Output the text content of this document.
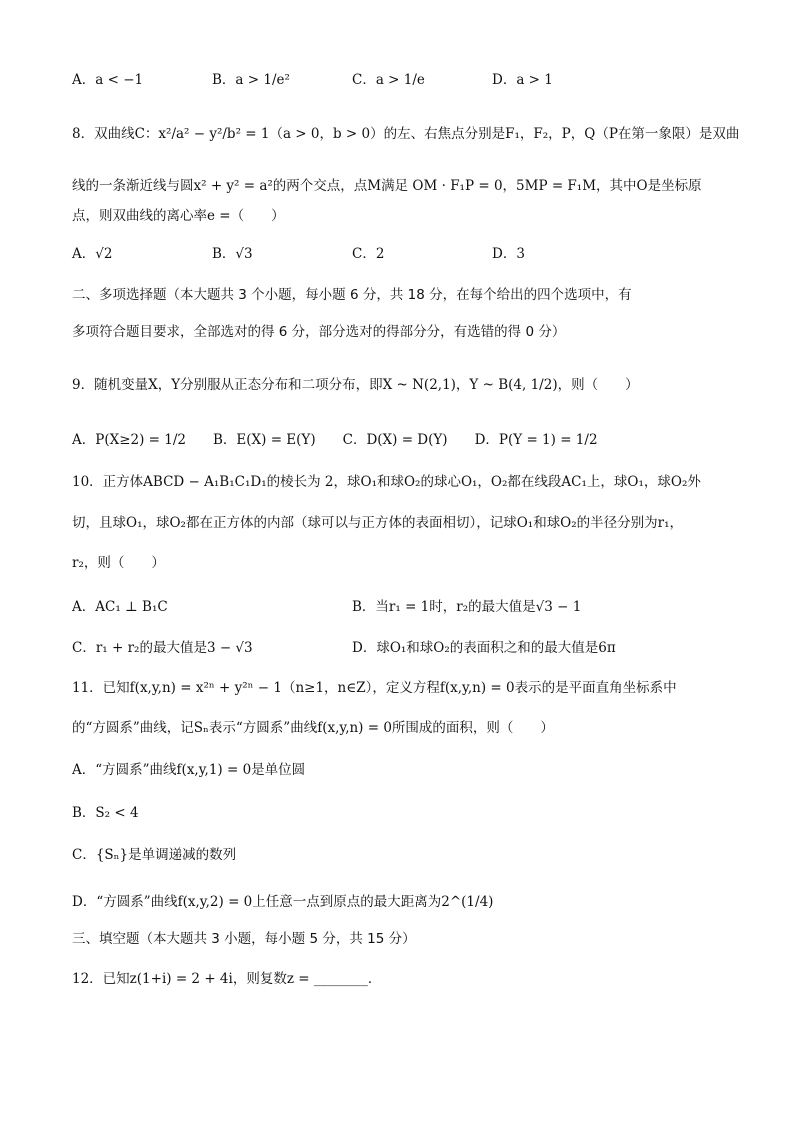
A．a < −1	B．a > 1/e²	C．a > 1/e	D．a > 1
8．双曲线C：x²/a² − y²/b² = 1（a > 0，b > 0）的左、右焦点分别是F₁，F₂，P，Q（P在第一象限）是双曲
线的一条渐近线与圆x² + y² = a²的两个交点，点M满足 OM · F₁P = 0，5MP = F₁M，其中O是坐标原
点，则双曲线的离心率e =（　　）
A．√2	B．√3	C．2	D．3
二、多项选择题（本大题共 3 个小题，每小题 6 分，共 18 分，在每个给出的四个选项中，有
多项符合题目要求，全部选对的得 6 分，部分选对的得部分分，有选错的得 0 分）
9．随机变量X，Y分别服从正态分布和二项分布，即X ~ N(2,1)，Y ~ B(4, 1/2)，则（　　）
A．P(X≥2) = 1/2　　B．E(X) = E(Y)　　C．D(X) = D(Y)　　D．P(Y = 1) = 1/2
10．正方体ABCD − A₁B₁C₁D₁的棱长为 2，球O₁和球O₂的球心O₁，O₂都在线段AC₁上，球O₁，球O₂外
切，且球O₁，球O₂都在正方体的内部（球可以与正方体的表面相切），记球O₁和球O₂的半径分别为r₁，
r₂，则（　　）
A．AC₁ ⊥ B₁C	B．当r₁ = 1时，r₂的最大值是√3 − 1
C．r₁ + r₂的最大值是3 − √3	D．球O₁和球O₂的表面积之和的最大值是6π
11．已知f(x,y,n) = x²ⁿ + y²ⁿ − 1（n≥1，n∈Z），定义方程f(x,y,n) = 0表示的是平面直角坐标系中
的“方圆系”曲线，记Sₙ表示“方圆系”曲线f(x,y,n) = 0所围成的面积，则（　　）
A．“方圆系”曲线f(x,y,1) = 0是单位圆
B．S₂ < 4
C．{Sₙ}是单调递减的数列
D．“方圆系”曲线f(x,y,2) = 0上任意一点到原点的最大距离为2^(1/4)
三、填空题（本大题共 3 小题，每小题 5 分，共 15 分）
12．已知z(1+i) = 2 + 4i，则复数z = ________．
